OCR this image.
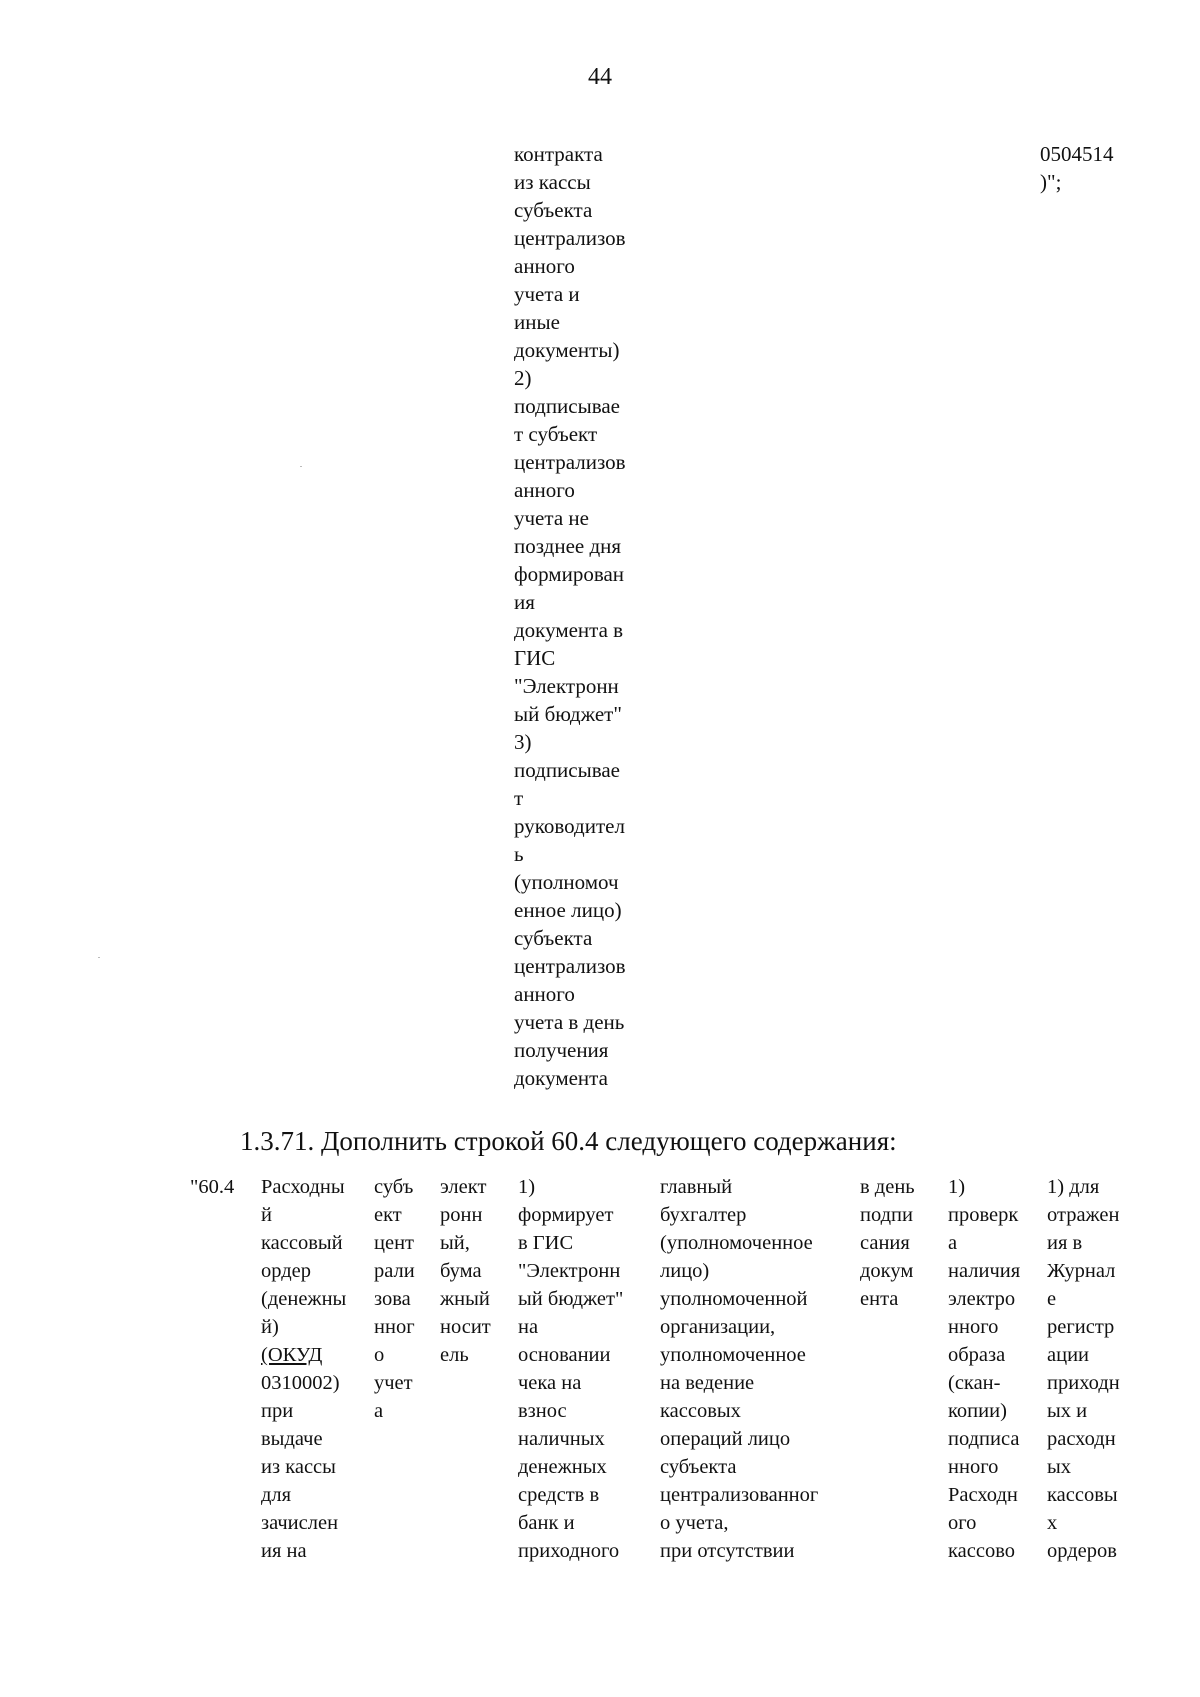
44
контракта
из кассы
субъекта
централизов
анного
учета и
иные
документы)
2)
подписывае
т субъект
централизов
анного
учета не
позднее дня
формирован
ия
документа в
ГИС
"Электронн
ый бюджет"
3)
подписывае
т
руководител
ь
(уполномоч
енное лицо)
субъекта
централизов
анного
учета в день
получения
документа
0504514
)";
1.3.71. Дополнить строкой 60.4 следующего содержания:
"60.4 Расходны
й
кассовый
ордер
(денежны
й)
(ОКУД
0310002)
при
выдаче
из кассы
для
зачислен
ия на
субъ
ект
цент
рали
зова
нног
о
учет
а
элект
ронн
ый,
бума
жный
носит
ель
1)
формирует
в ГИС
"Электронн
ый бюджет"
на
основании
чека на
взнос
наличных
денежных
средств в
банк и
приходного
главный
бухгалтер
(уполномоченное
лицо)
уполномоченной
организации,
уполномоченное
на ведение
кассовых
операций лицо
субъекта
централизованног
о учета,
при отсутствии
в день
подпи
сания
докум
ента
1)
проверк
а
наличия
электро
нного
образа
(скан-
копии)
подписа
нного
Расходн
ого
кассово
1) для
отражен
ия в
Журнал
е
регистр
ации
приходн
ых и
расходн
ых
кассовы
х
ордеров
